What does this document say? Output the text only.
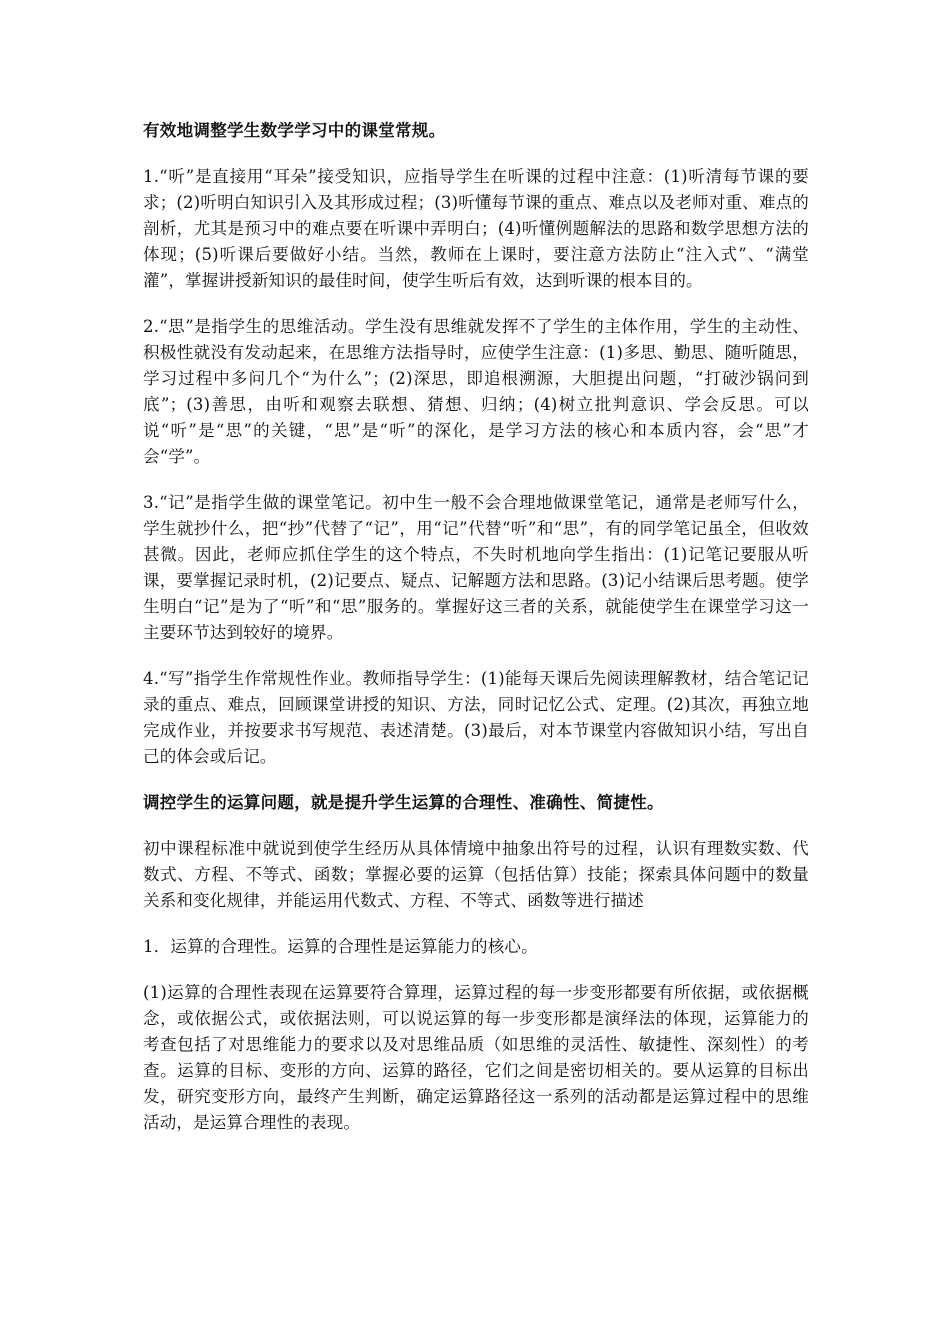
有效地调整学生数学学习中的课堂常规。

1.“听”是直接用“耳朵”接受知识，应指导学生在听课的过程中注意：(1)听清每节课的要求；(2)听明白知识引入及其形成过程；(3)听懂每节课的重点、难点以及老师对重、难点的剖析，尤其是预习中的难点要在听课中弄明白；(4)听懂例题解法的思路和数学思想方法的体现；(5)听课后要做好小结。当然，教师在上课时，要注意方法防止“注入式”、“满堂灌”，掌握讲授新知识的最佳时间，使学生听后有效，达到听课的根本目的。

2.“思”是指学生的思维活动。学生没有思维就发挥不了学生的主体作用，学生的主动性、积极性就没有发动起来，在思维方法指导时，应使学生注意：(1)多思、勤思、随听随思，学习过程中多问几个“为什么”；(2)深思，即追根溯源，大胆提出问题，“打破沙锅问到底”；(3)善思，由听和观察去联想、猜想、归纳；(4)树立批判意识、学会反思。可以说“听”是“思”的关键，“思”是“听”的深化，是学习方法的核心和本质内容，会“思”才会“学”。

3.“记”是指学生做的课堂笔记。初中生一般不会合理地做课堂笔记，通常是老师写什么，学生就抄什么，把“抄”代替了“记”，用“记”代替“听”和“思”，有的同学笔记虽全，但收效甚微。因此，老师应抓住学生的这个特点，不失时机地向学生指出：(1)记笔记要服从听课，要掌握记录时机，(2)记要点、疑点、记解题方法和思路。(3)记小结课后思考题。使学生明白“记”是为了“听”和“思”服务的。掌握好这三者的关系，就能使学生在课堂学习这一主要环节达到较好的境界。

4.“写”指学生作常规性作业。教师指导学生：(1)能每天课后先阅读理解教材，结合笔记记录的重点、难点，回顾课堂讲授的知识、方法，同时记忆公式、定理。(2)其次，再独立地完成作业，并按要求书写规范、表述清楚。(3)最后，对本节课堂内容做知识小结，写出自己的体会或后记。

调控学生的运算问题，就是提升学生运算的合理性、准确性、简捷性。

初中课程标准中就说到使学生经历从具体情境中抽象出符号的过程，认识有理数实数、代数式、方程、不等式、函数；掌握必要的运算（包括估算）技能；探索具体问题中的数量关系和变化规律，并能运用代数式、方程、不等式、函数等进行描述

1．运算的合理性。运算的合理性是运算能力的核心。

(1)运算的合理性表现在运算要符合算理，运算过程的每一步变形都要有所依据，或依据概念，或依据公式，或依据法则，可以说运算的每一步变形都是演绎法的体现，运算能力的考查包括了对思维能力的要求以及对思维品质（如思维的灵活性、敏捷性、深刻性）的考查。运算的目标、变形的方向、运算的路径，它们之间是密切相关的。要从运算的目标出发，研究变形方向，最终产生判断，确定运算路径这一系列的活动都是运算过程中的思维活动，是运算合理性的表现。
